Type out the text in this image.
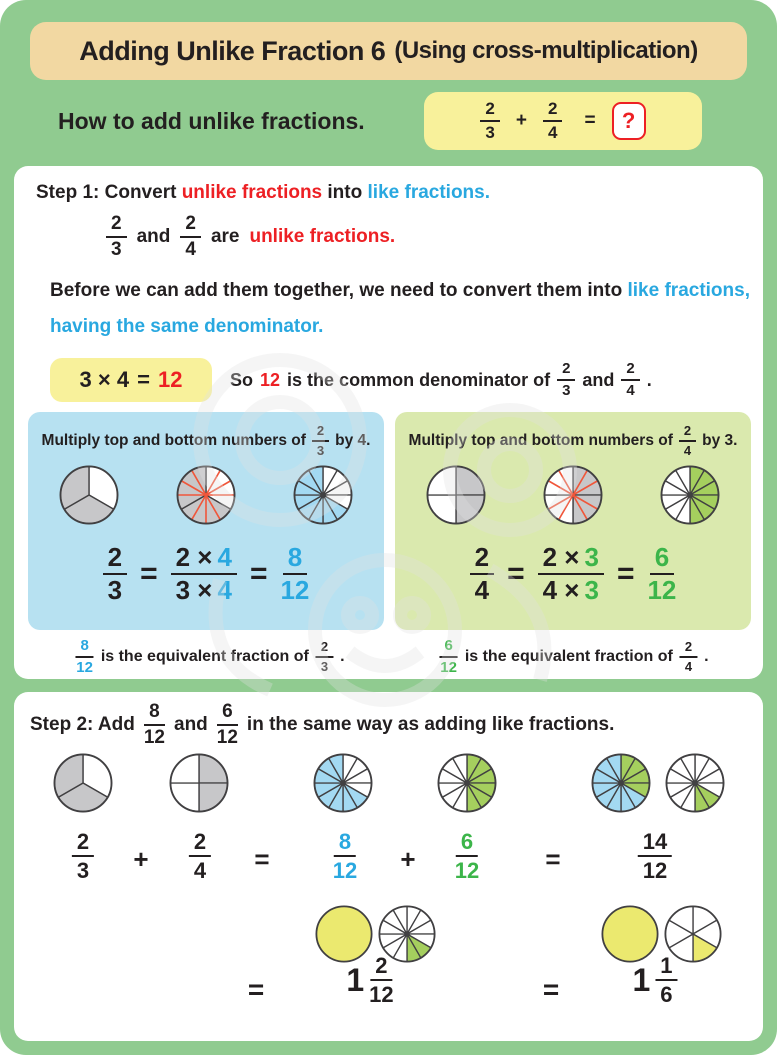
Adding Unlike Fraction 6 (Using cross-multiplication)
How to add unlike fractions.	$\frac{2}{3} + \frac{2}{4}$ =	?
Step 1: Convert unlike fractions into like fractions.
$\frac{2}{3}$ and $\frac{2}{4}$ are unlike fractions.
Before we can add them together, we need to convert them into like fractions,
having the same denominator.
3 × 4 = 12	So 12 is the common denominator of $\frac{2}{3}$ and $\frac{2}{4}$ .
Multiply top and bottom numbers of $\frac{2}{3}$ by 4.
$\frac{2}{3} = \frac{2 \times 4}{3 \times 4} = \frac{8}{12}$
Multiply top and bottom numbers of $\frac{2}{4}$ by 3.
$\frac{2}{4} = \frac{2 \times 3}{4 \times 3} = \frac{6}{12}$
$\frac{8}{12}$ is the equivalent fraction of $\frac{2}{3}$ .	$\frac{6}{12}$ is the equivalent fraction of $\frac{2}{4}$ .
Step 2: Add $\frac{8}{12}$ and $\frac{6}{12}$ in the same way as adding like fractions.
$\frac{2}{3} + \frac{2}{4}$ =	$\frac{8}{12} + \frac{6}{12}$	=	$\frac{14}{12}$
=	$1 \frac{2}{12}$	= $1 \frac{1}{6}$
